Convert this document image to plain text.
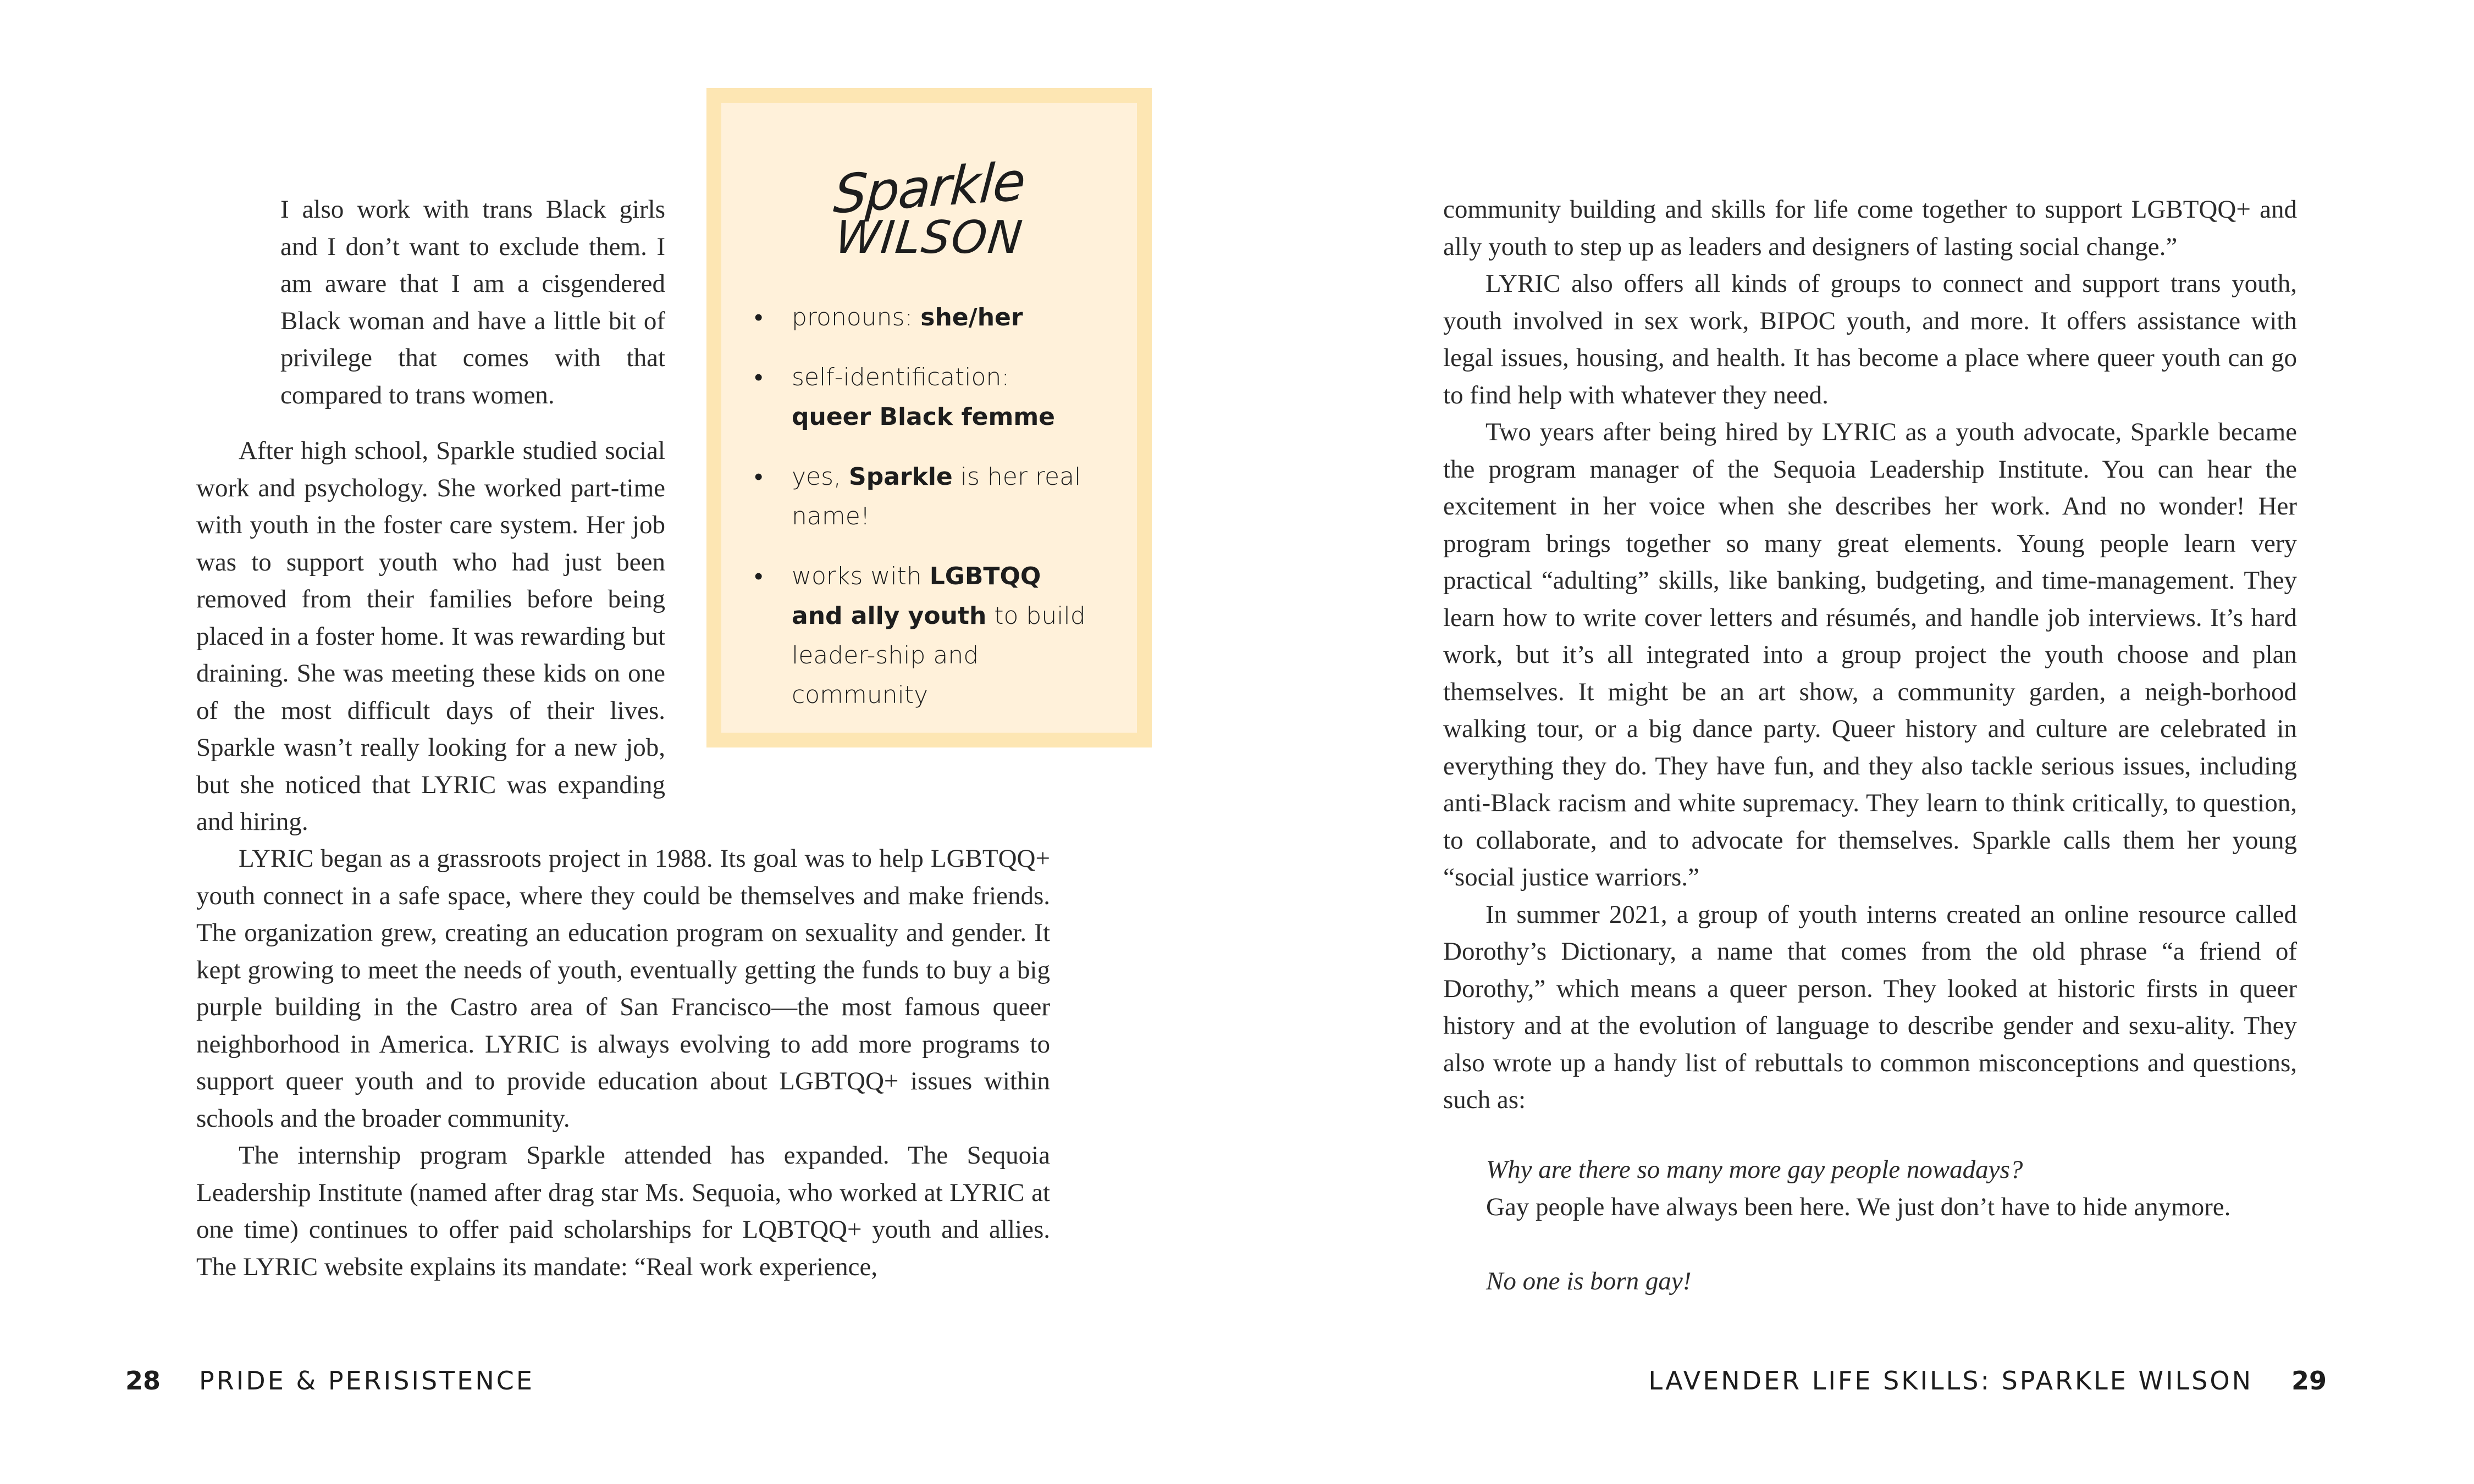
I also work with trans Black girls and I don’t want to exclude them. I am aware that I am a cisgendered Black woman and have a little bit of privilege that comes with that compared to trans women.

After high school, Sparkle studied social work and psychology. She worked part-time with youth in the foster care system. Her job was to support youth who had just been removed from their families before being placed in a foster home. It was rewarding but draining. She was meeting these kids on one of the most difficult days of their lives. Sparkle wasn’t really looking for a new job, but she noticed that LYRIC was expanding and hiring.

LYRIC began as a grassroots project in 1988. Its goal was to help LGBTQQ+ youth connect in a safe space, where they could be themselves and make friends. The organization grew, creating an education program on sexuality and gender. It kept growing to meet the needs of youth, eventually getting the funds to buy a big purple building in the Castro area of San Francisco—the most famous queer neighborhood in America. LYRIC is always evolving to add more programs to support queer youth and to provide education about LGBTQQ+ issues within schools and the broader community.

The internship program Sparkle attended has expanded. The Sequoia Leadership Institute (named after drag star Ms. Sequoia, who worked at LYRIC at one time) continues to offer paid scholarships for LQBTQQ+ youth and allies. The LYRIC website explains its mandate: “Real work experience,

Sparkle
WILSON
• pronouns: she/her
• self-identification: queer Black femme
• yes, Sparkle is her real name!
• works with LGBTQQ and ally youth to build leader-ship and community

community building and skills for life come together to support LGBTQQ+ and ally youth to step up as leaders and designers of lasting social change.”

LYRIC also offers all kinds of groups to connect and support trans youth, youth involved in sex work, BIPOC youth, and more. It offers assistance with legal issues, housing, and health. It has become a place where queer youth can go to find help with whatever they need.

Two years after being hired by LYRIC as a youth advocate, Sparkle became the program manager of the Sequoia Leadership Institute. You can hear the excitement in her voice when she describes her work. And no wonder! Her program brings together so many great elements. Young people learn very practical “adulting” skills, like banking, budgeting, and time-management. They learn how to write cover letters and résumés, and handle job interviews. It’s hard work, but it’s all integrated into a group project the youth choose and plan themselves. It might be an art show, a community garden, a neigh-borhood walking tour, or a big dance party. Queer history and culture are celebrated in everything they do. They have fun, and they also tackle serious issues, including anti-Black racism and white supremacy. They learn to think critically, to question, to collaborate, and to advocate for themselves. Sparkle calls them her young “social justice warriors.”

In summer 2021, a group of youth interns created an online resource called Dorothy’s Dictionary, a name that comes from the old phrase “a friend of Dorothy,” which means a queer person. They looked at historic firsts in queer history and at the evolution of language to describe gender and sexu-ality. They also wrote up a handy list of rebuttals to common misconceptions and questions, such as:

Why are there so many more gay people nowadays?

Gay people have always been here. We just don’t have to hide anymore.

No one is born gay!

28 PRIDE & PERISISTENCE	LAVENDER LIFE SKILLS: SPARKLE WILSON 29
